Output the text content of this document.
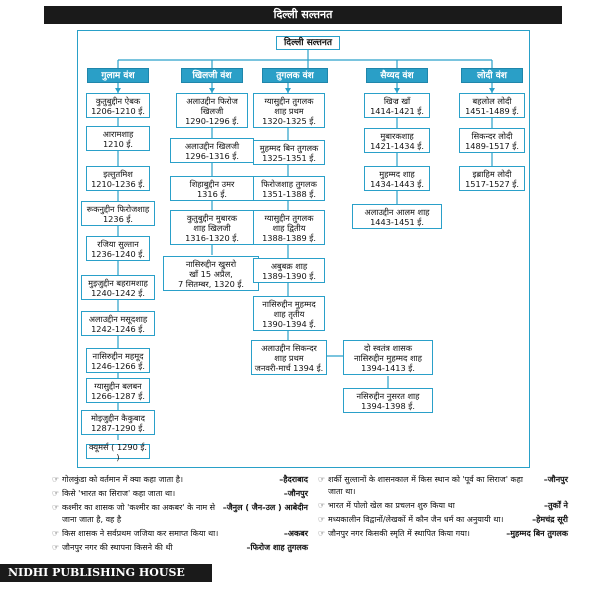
दिल्ली सल्तनत
दिल्ली सल्तनत
गुलाम वंश	खिलजी वंश	तुगलक वंश	सैय्यद वंश	लोदी वंश
कुतुबुद्दीन ऐबक
1206-1210 ई.
आरामशाह
1210 ई.
इल्तुतमिश
1210-1236 ई.
रूकनुद्दीन फिरोजशाह
1236 ई.
रजिया सुल्तान
1236-1240 ई.
मुइजुद्दीन बहरामशाह
1240-1242 ई.
अलाउद्दीन मसूदशाह
1242-1246 ई.
नासिरुद्दीन महमूद
1246-1266 ई.
ग्यासुद्दीन बलबन
1266-1287 ई.
मोइजुद्दीन कैकुबाद
1287-1290 ई.
क्यूमर्स ( 1290 ई. )
अलाउद्दीन फिरोज
खिलजी
1290-1296 ई.
अलाउद्दीन खिलजी
1296-1316 ई.
शिहाबुद्दीन उमर
1316 ई.
कुतुबुद्दीन मुबारक
शाह खिलजी
1316-1320 ई.
नासिरुद्दीन खुसरो
खाँ 15 अप्रैल,
7 सितम्बर, 1320 ई.
ग्यासुद्दीन तुगलक
शाह प्रथम
1320-1325 ई.
मुहम्मद बिन तुगलक
1325-1351 ई.
फिरोजशाह तुगलक
1351-1388 ई.
ग्यासुद्दीन तुगलक
शाह द्वितीय
1388-1389 ई.
अबुबक्र शाह
1389-1390 ई.
नासिरुद्दीन मुहम्मद
शाह तृतीय
1390-1394 ई.
अलाउद्दीन सिकन्दर
शाह प्रथम
जनवरी-मार्च 1394 ई.
दो स्वतंत्र शासक
नासिरुद्दीन मुहम्मद शाह
1394-1413 ई.
नसिरुद्दीन नुसरत शाह
1394-1398 ई.
खिज्र खाँ
1414-1421 ई.
मुबारकशाह
1421-1434 ई.
मुहम्मद शाह
1434-1443 ई.
अलाउद्दीन आलम शाह
1443-1451 ई.
बहलोल लोदी
1451-1489 ई.
सिकन्दर लोदी
1489-1517 ई.
इब्राहिम लोदी
1517-1527 ई.
☞	–हैदराबाद
गोलकुंडा को वर्तमान में क्या कहा जाता है।
☞	–जौनपुर
किसे 'भारत का सिराज' कहा जाता था।
☞	–जैनुल ( जैन-उल ) आबेदीन
कश्मीर का शासक जो 'कश्मीर का अकबर' के नाम से जाना जाता है, वह है
☞	–अकबर
किस शासक ने सर्वप्रथम जजिया कर समाप्त किया था।
☞	–फिरोज शाह तुगलक
जौनपुर नगर की स्थापना किसने की थी
☞	–जौनपुर
शर्की सुल्तानों के शासनकाल में किस स्थान को 'पूर्व का सिराज' कहा जाता था।
☞	–तुर्कों ने
भारत में पोलो खेल का प्रचलन शुरु किया था
☞	–हेमचंद्र सूरी
मध्यकालीन विद्वानों/लेखकों में कौन जैन धर्म का अनुयायी था।
☞	–मुहम्मद बिन तुगलक
जौनपुर नगर किसकी स्मृति में स्थापित किया गया।
NIDHI PUBLISHING HOUSE
